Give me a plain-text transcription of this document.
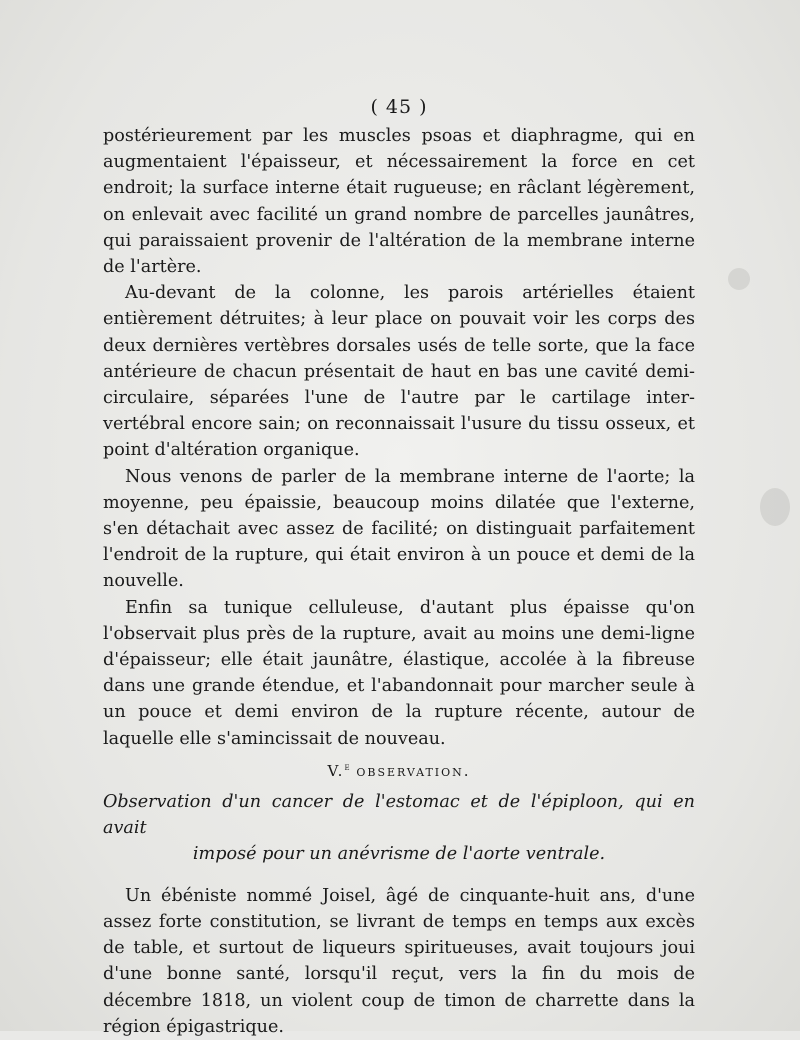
( 45 )

postérieurement par les muscles psoas et diaphragme, qui en augmentaient l'épaisseur, et nécessairement la force en cet endroit; la surface interne était rugueuse; en râclant légèrement, on enlevait avec facilité un grand nombre de parcelles jaunâtres, qui paraissaient provenir de l'altération de la membrane interne de l'artère.

Au-devant de la colonne, les parois artérielles étaient entièrement détruites; à leur place on pouvait voir les corps des deux dernières vertèbres dorsales usés de telle sorte, que la face antérieure de chacun présentait de haut en bas une cavité demi-circulaire, séparées l'une de l'autre par le cartilage inter-vertébral encore sain; on reconnaissait l'usure du tissu osseux, et point d'altération organique.

Nous venons de parler de la membrane interne de l'aorte; la moyenne, peu épaissie, beaucoup moins dilatée que l'externe, s'en détachait avec assez de facilité; on distinguait parfaitement l'endroit de la rupture, qui était environ à un pouce et demi de la nouvelle.

Enfin sa tunique celluleuse, d'autant plus épaisse qu'on l'observait plus près de la rupture, avait au moins une demi-ligne d'épaisseur; elle était jaunâtre, élastique, accolée à la fibreuse dans une grande étendue, et l'abandonnait pour marcher seule à un pouce et demi environ de la rupture récente, autour de laquelle elle s'amincissait de nouveau.

V.$^e$ observation.
Observation d'un cancer de l'estomac et de l'épiploon, qui en avait
imposé pour un anévrisme de l'aorte ventrale.

Un ébéniste nommé Joisel, âgé de cinquante-huit ans, d'une assez forte constitution, se livrant de temps en temps aux excès de table, et surtout de liqueurs spiritueuses, avait toujours joui d'une bonne santé, lorsqu'il reçut, vers la fin du mois de décembre 1818, un violent coup de timon de charrette dans la région épigastrique.
